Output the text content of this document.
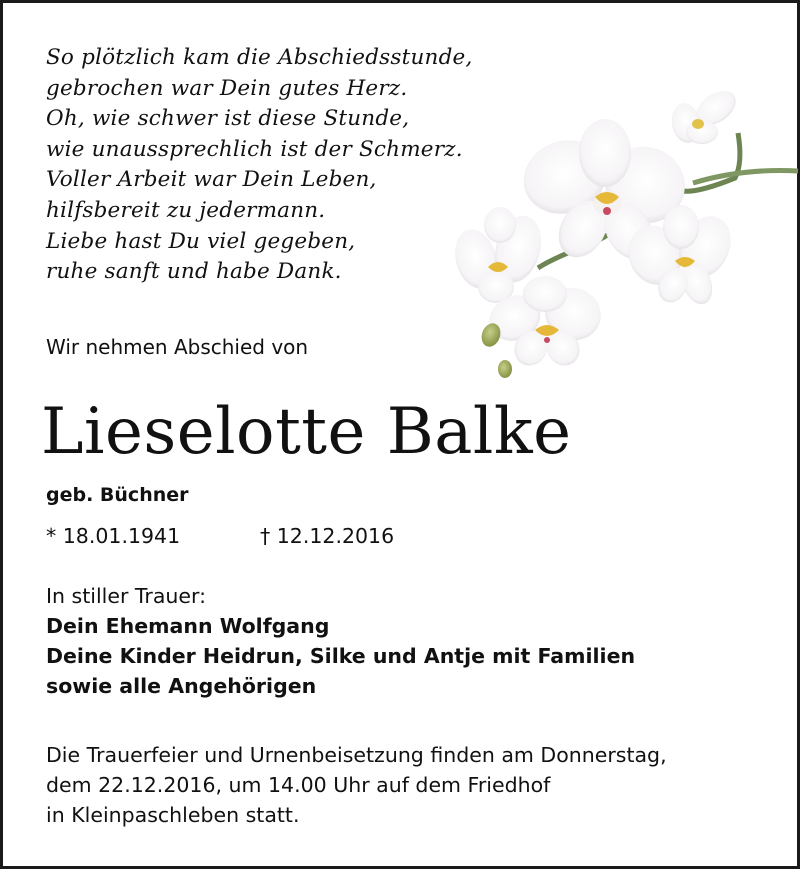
So plötzlich kam die Abschiedsstunde,
gebrochen war Dein gutes Herz.
Oh, wie schwer ist diese Stunde,
wie unaussprechlich ist der Schmerz.
Voller Arbeit war Dein Leben,
hilfsbereit zu jedermann.
Liebe hast Du viel gegeben,
ruhe sanft und habe Dank.
Wir nehmen Abschied von
Lieselotte Balke
geb. Büchner
* 18.01.1941	† 12.12.2016
In stiller Trauer:
Dein Ehemann Wolfgang
Deine Kinder Heidrun, Silke und Antje mit Familien
sowie alle Angehörigen
Die Trauerfeier und Urnenbeisetzung finden am Donnerstag,
dem 22.12.2016, um 14.00 Uhr auf dem Friedhof
in Kleinpaschleben statt.
